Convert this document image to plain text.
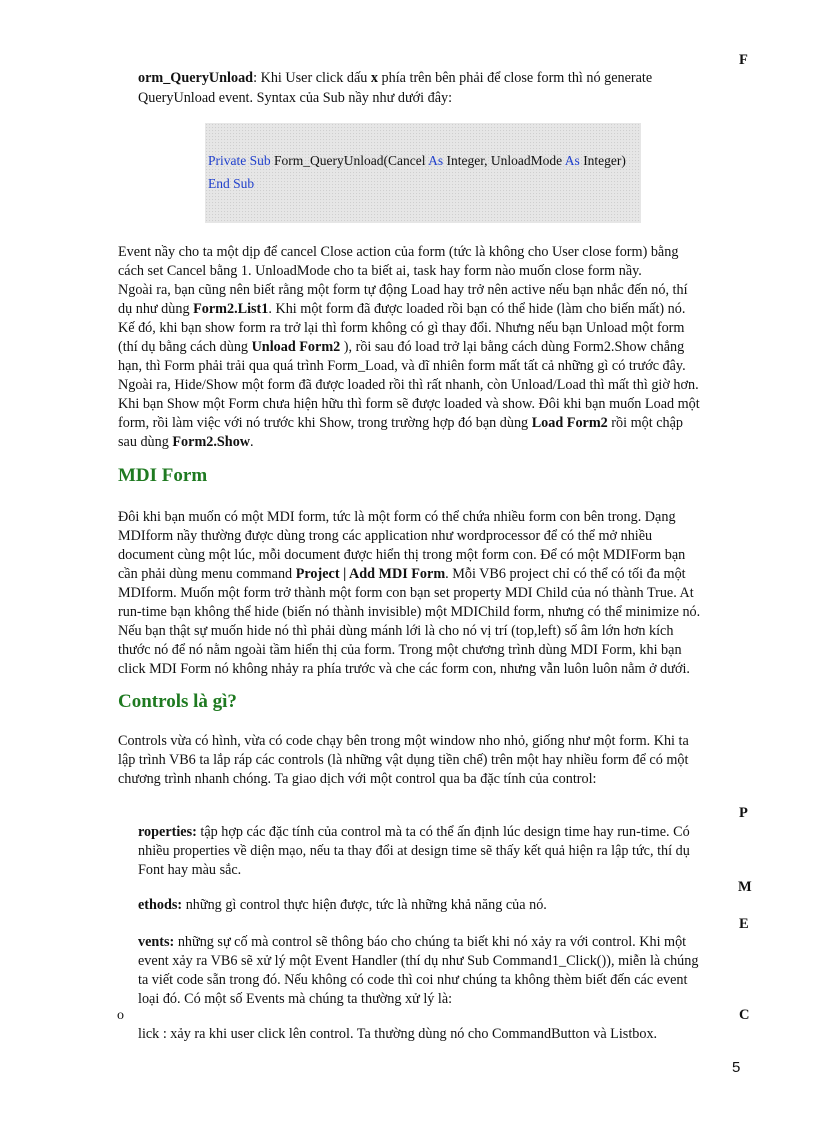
F
orm_QueryUnload: Khi User click dấu x phía trên bên phải để close form thì nó generate
QueryUnload event. Syntax của Sub nầy như dưới đây:
Private Sub Form_QueryUnload(Cancel As Integer, UnloadMode As Integer)
End Sub
Event nầy cho ta một dịp để cancel Close action của form (tức là không cho User close form) bằng
cách set Cancel bằng 1. UnloadMode cho ta biết ai, task hay form nào muốn close form nầy.
Ngoài ra, bạn cũng nên biết rằng một form tự động Load hay trở nên active nếu bạn nhắc đến nó, thí
dụ như dùng Form2.List1. Khi một form đã được loaded rồi bạn có thể hide (làm cho biến mất) nó.
Kế đó, khi bạn show form ra trở lại thì form không có gì thay đổi. Nhưng nếu bạn Unload một form
(thí dụ bằng cách dùng Unload Form2 ), rồi sau đó load trở lại bằng cách dùng Form2.Show chẳng
hạn, thì Form phải trải qua quá trình Form_Load, và dĩ nhiên form mất tất cả những gì có trước đây.
Ngoài ra, Hide/Show một form đã được loaded rồi thì rất nhanh, còn Unload/Load thì mất thì giờ hơn.
Khi bạn Show một Form chưa hiện hữu thì form sẽ được loaded và show. Đôi khi bạn muốn Load một
form, rồi làm việc với nó trước khi Show, trong trường hợp đó bạn dùng Load Form2 rồi một chập
sau dùng Form2.Show.
MDI Form
Đôi khi bạn muốn có một MDI form, tức là một form có thể chứa nhiều form con bên trong. Dạng
MDIform nầy thường được dùng trong các application như wordprocessor để có thể mở nhiều
document cùng một lúc, mỗi document được hiển thị trong một form con. Để có một MDIForm bạn
cần phải dùng menu command Project | Add MDI Form. Mỗi VB6 project chỉ có thể có tối đa một
MDIform. Muốn một form trở thành một form con bạn set property MDI Child của nó thành True. At
run-time bạn không thể hide (biến nó thành invisible) một MDIChild form, nhưng có thể minimize nó.
Nếu bạn thật sự muốn hide nó thì phải dùng mánh lới là cho nó vị trí (top,left) số âm lớn hơn kích
thước nó để nó nằm ngoài tầm hiển thị của form. Trong một chương trình dùng MDI Form, khi bạn
click MDI Form nó không nhảy ra phía trước và che các form con, nhưng vẫn luôn luôn nằm ở dưới.
Controls là gì?
Controls vừa có hình, vừa có code chạy bên trong một window nho nhỏ, giống như một form. Khi ta
lập trình VB6 ta lắp ráp các controls (là những vật dụng tiền chế) trên một hay nhiều form để có một
chương trình nhanh chóng. Ta giao dịch với một control qua ba đặc tính của control:
P
roperties: tập hợp các đặc tính của control mà ta có thể ấn định lúc design time hay run-time. Có
nhiều properties về diện mạo, nếu ta thay đổi at design time sẽ thấy kết quả hiện ra lập tức, thí dụ
Font hay màu sắc.
M
ethods: những gì control thực hiện được, tức là những khả năng của nó.
E
vents: những sự cố mà control sẽ thông báo cho chúng ta biết khi nó xảy ra với control. Khi một
event xảy ra VB6 sẽ xử lý một Event Handler (thí dụ như Sub Command1_Click()), miễn là chúng
ta viết code sẵn trong đó. Nếu không có code thì coi như chúng ta không thèm biết đến các event
loại đó. Có một số Events mà chúng ta thường xử lý là:
o	C
lick : xảy ra khi user click lên control. Ta thường dùng nó cho CommandButton và Listbox.
5
